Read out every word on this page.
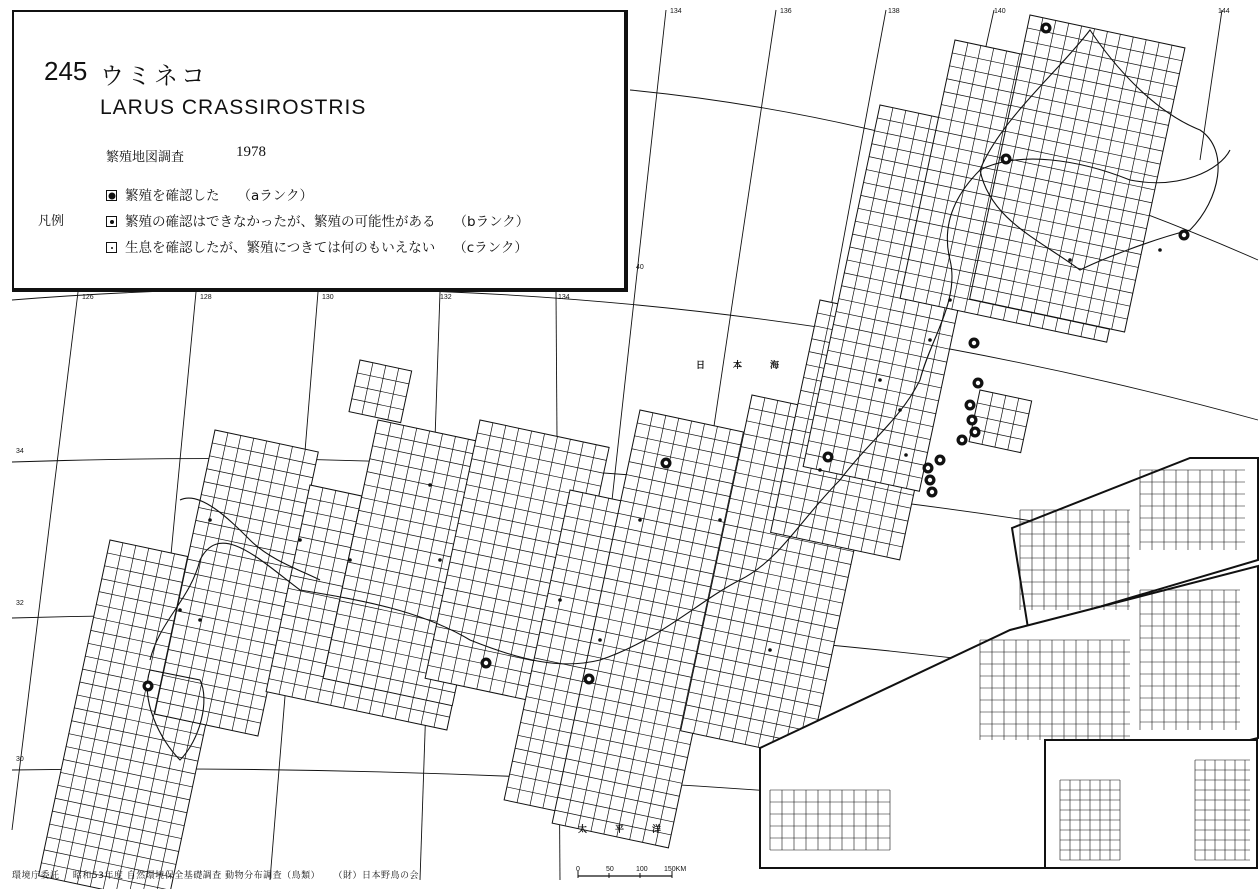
245 ウミネコ
LARUS CRASSIROSTRIS
繁殖地図調査	1978
凡例
繁殖を確認した （aランク）
繁殖の確認はできなかったが、繁殖の可能性がある （bランク）
生息を確認したが、繁殖につきては何のもいえない （cランク）
日本海
太平洋
126	128	130	132	134
134	136	138	140	144
40
34
32
30
環境庁委託 昭和53年度 自然環境保全基礎調査 動物分布調査（鳥類） （財）日本野鳥の会
0	50	100 150KM
